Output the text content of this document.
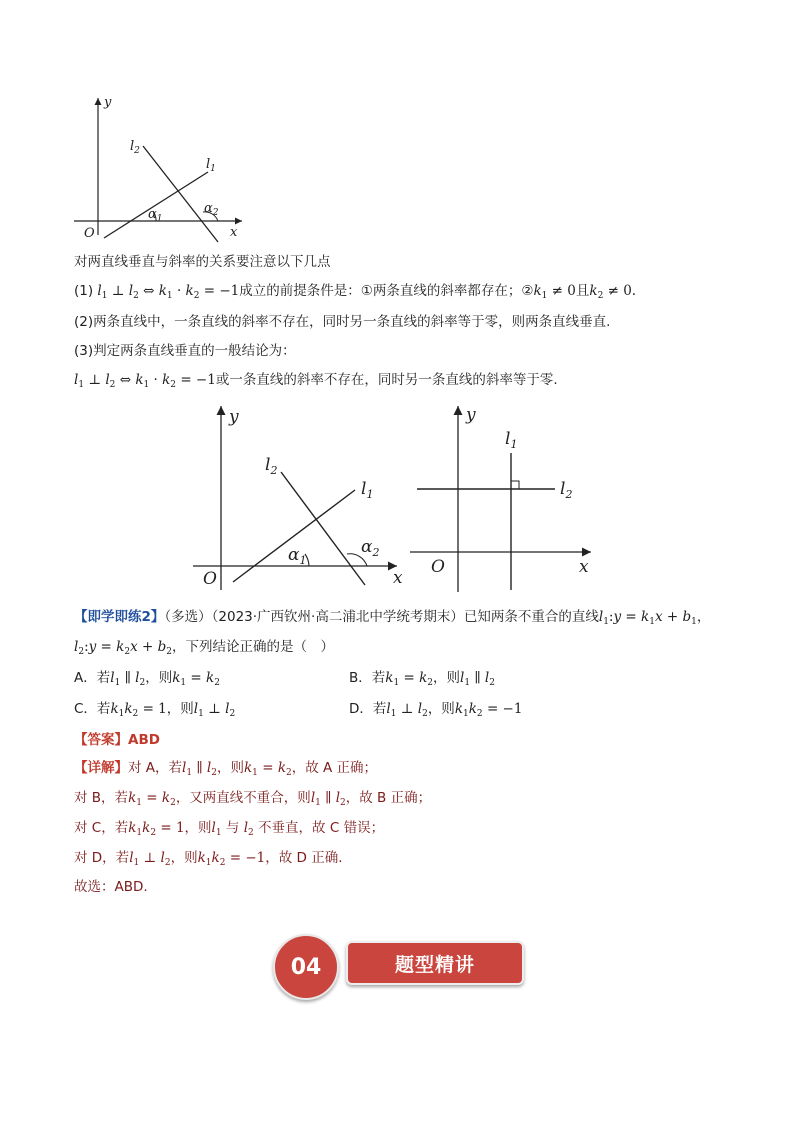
y
x
O
$l_2$
$l_1$
$\alpha_1$
$\alpha_2$
对两直线垂直与斜率的关系要注意以下几点
(1) $l_1$ ⊥ $l_2$ ⇔ $k_1 \cdot k_2 = -1$成立的前提条件是：①两条直线的斜率都存在；$②k_1 \ne 0$且$k_2 \ne 0$.
(2)两条直线中，一条直线的斜率不存在，同时另一条直线的斜率等于零，则两条直线垂直.
(3)判定两条直线垂直的一般结论为：
$l_1$ ⊥ $l_2$ ⇔ $k_1 \cdot k_2 = -1$或一条直线的斜率不存在，同时另一条直线的斜率等于零.
y
x
O
$l_2$
$l_1$
$\alpha_1$
$\alpha_2$
y
x
O
$l_1$
$l_2$
【即学即练2】（多选）（2023·广西钦州·高二浦北中学统考期末）已知两条不重合的直线$l_1:y = k_1x + b_1$，
$l_2:y = k_2x + b_2$，下列结论正确的是（　）
A．若$l_1$ ∥ $l_2$，则$k_1 = k_2$	B．若$k_1 = k_2$，则$l_1$ ∥ $l_2$
C．若$k_1k_2 = 1$，则$l_1$ ⊥ $l_2$	D．若$l_1$ ⊥ $l_2$，则$k_1k_2 = -1$
【答案】ABD
【详解】对 A，若$l_1$ ∥ $l_2$，则$k_1 = k_2$，故 A 正确；
对 B，若$k_1 = k_2$，又两直线不重合，则$l_1$ ∥ $l_2$，故 B 正确；
对 C，若$k_1k_2 = 1$，则$l_1$ 与 $l_2$ 不垂直，故 C 错误；
对 D，若$l_1$ ⊥ $l_2$，则$k_1k_2 = -1$，故 D 正确.
故选：ABD.
04	题型精讲
